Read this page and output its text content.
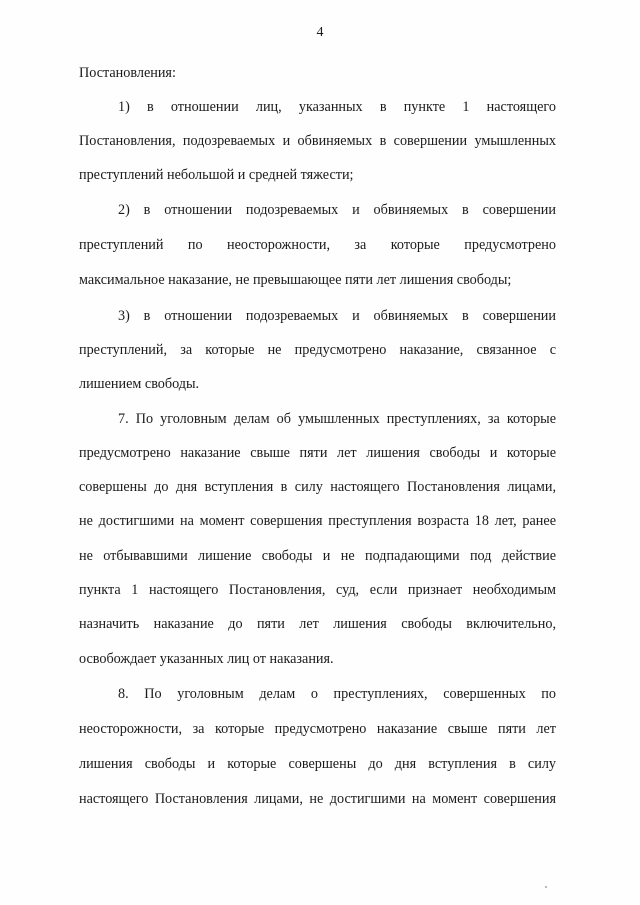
4
Постановления:
1) в отношении лиц, указанных в пункте 1 настоящего
Постановления, подозреваемых и обвиняемых в совершении умышленных
преступлений небольшой и средней тяжести;
2) в отношении подозреваемых и обвиняемых в совершении
преступлений по неосторожности, за которые предусмотрено
максимальное наказание, не превышающее пяти лет лишения свободы;
3) в отношении подозреваемых и обвиняемых в совершении
преступлений, за которые не предусмотрено наказание, связанное с
лишением свободы.
7. По уголовным делам об умышленных преступлениях, за которые
предусмотрено наказание свыше пяти лет лишения свободы и которые
совершены до дня вступления в силу настоящего Постановления лицами,
не достигшими на момент совершения преступления возраста 18 лет, ранее
не отбывавшими лишение свободы и не подпадающими под действие
пункта 1 настоящего Постановления, суд, если признает необходимым
назначить наказание до пяти лет лишения свободы включительно,
освобождает указанных лиц от наказания.
8. По уголовным делам о преступлениях, совершенных по
неосторожности, за которые предусмотрено наказание свыше пяти лет
лишения свободы и которые совершены до дня вступления в силу
настоящего Постановления лицами, не достигшими на момент совершения
